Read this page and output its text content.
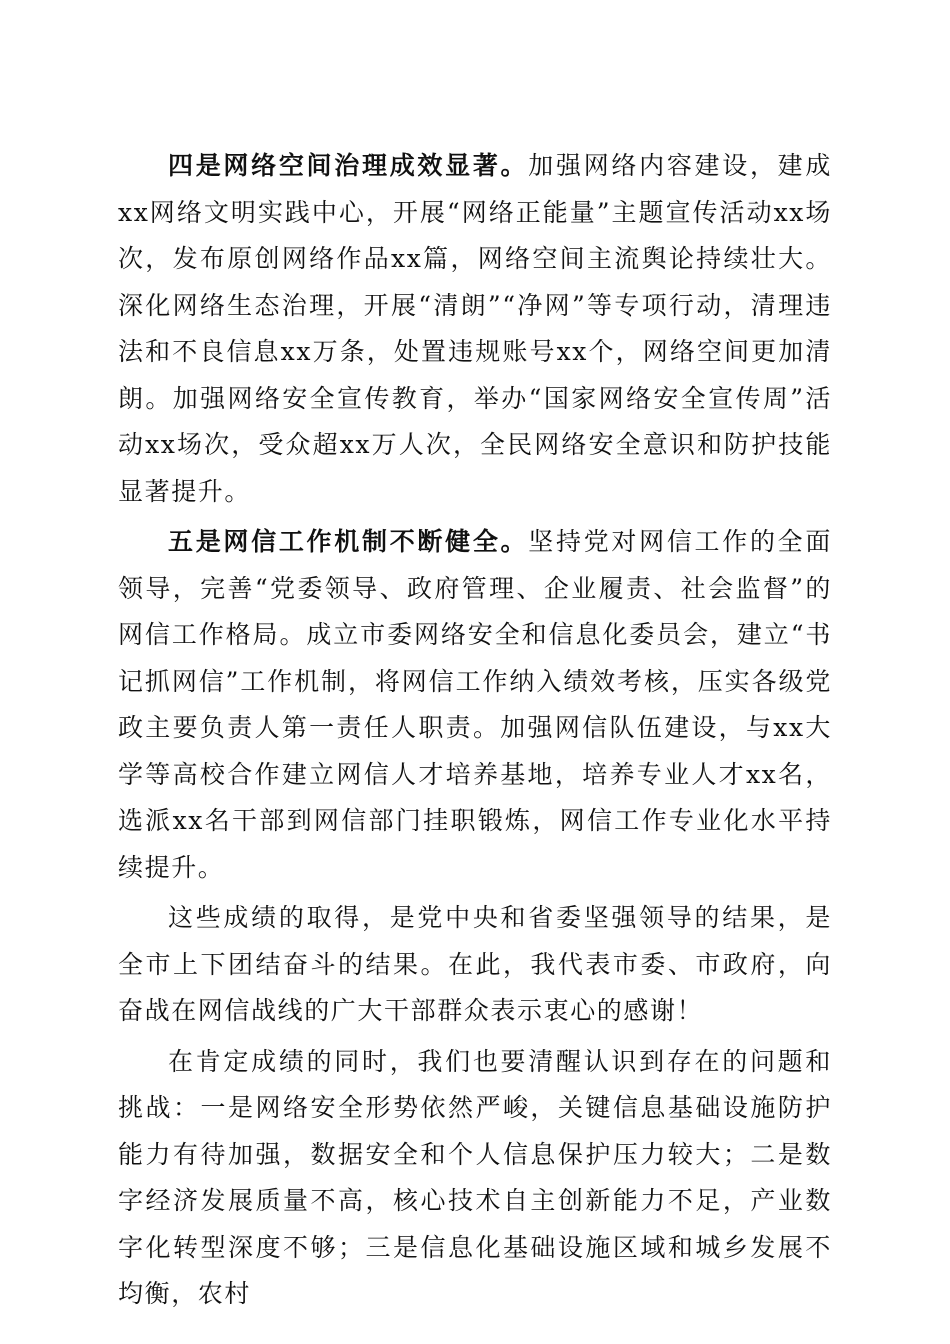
四是网络空间治理成效显著。加强网络内容建设，建成xx网络文明实践中心，开展“网络正能量”主题宣传活动xx场次，发布原创网络作品xx篇，网络空间主流舆论持续壮大。深化网络生态治理，开展“清朗”“净网”等专项行动，清理违法和不良信息xx万条，处置违规账号xx个，网络空间更加清朗。加强网络安全宣传教育，举办“国家网络安全宣传周”活动xx场次，受众超xx万人次，全民网络安全意识和防护技能显著提升。

五是网信工作机制不断健全。坚持党对网信工作的全面领导，完善“党委领导、政府管理、企业履责、社会监督”的网信工作格局。成立市委网络安全和信息化委员会，建立“书记抓网信”工作机制，将网信工作纳入绩效考核，压实各级党政主要负责人第一责任人职责。加强网信队伍建设，与xx大学等高校合作建立网信人才培养基地，培养专业人才xx名，选派xx名干部到网信部门挂职锻炼，网信工作专业化水平持续提升。

这些成绩的取得，是党中央和省委坚强领导的结果，是全市上下团结奋斗的结果。在此，我代表市委、市政府，向奋战在网信战线的广大干部群众表示衷心的感谢！

在肯定成绩的同时，我们也要清醒认识到存在的问题和挑战：一是网络安全形势依然严峻，关键信息基础设施防护能力有待加强，数据安全和个人信息保护压力较大；二是数字经济发展质量不高，核心技术自主创新能力不足，产业数字化转型深度不够；三是信息化基础设施区域和城乡发展不均衡，农村
